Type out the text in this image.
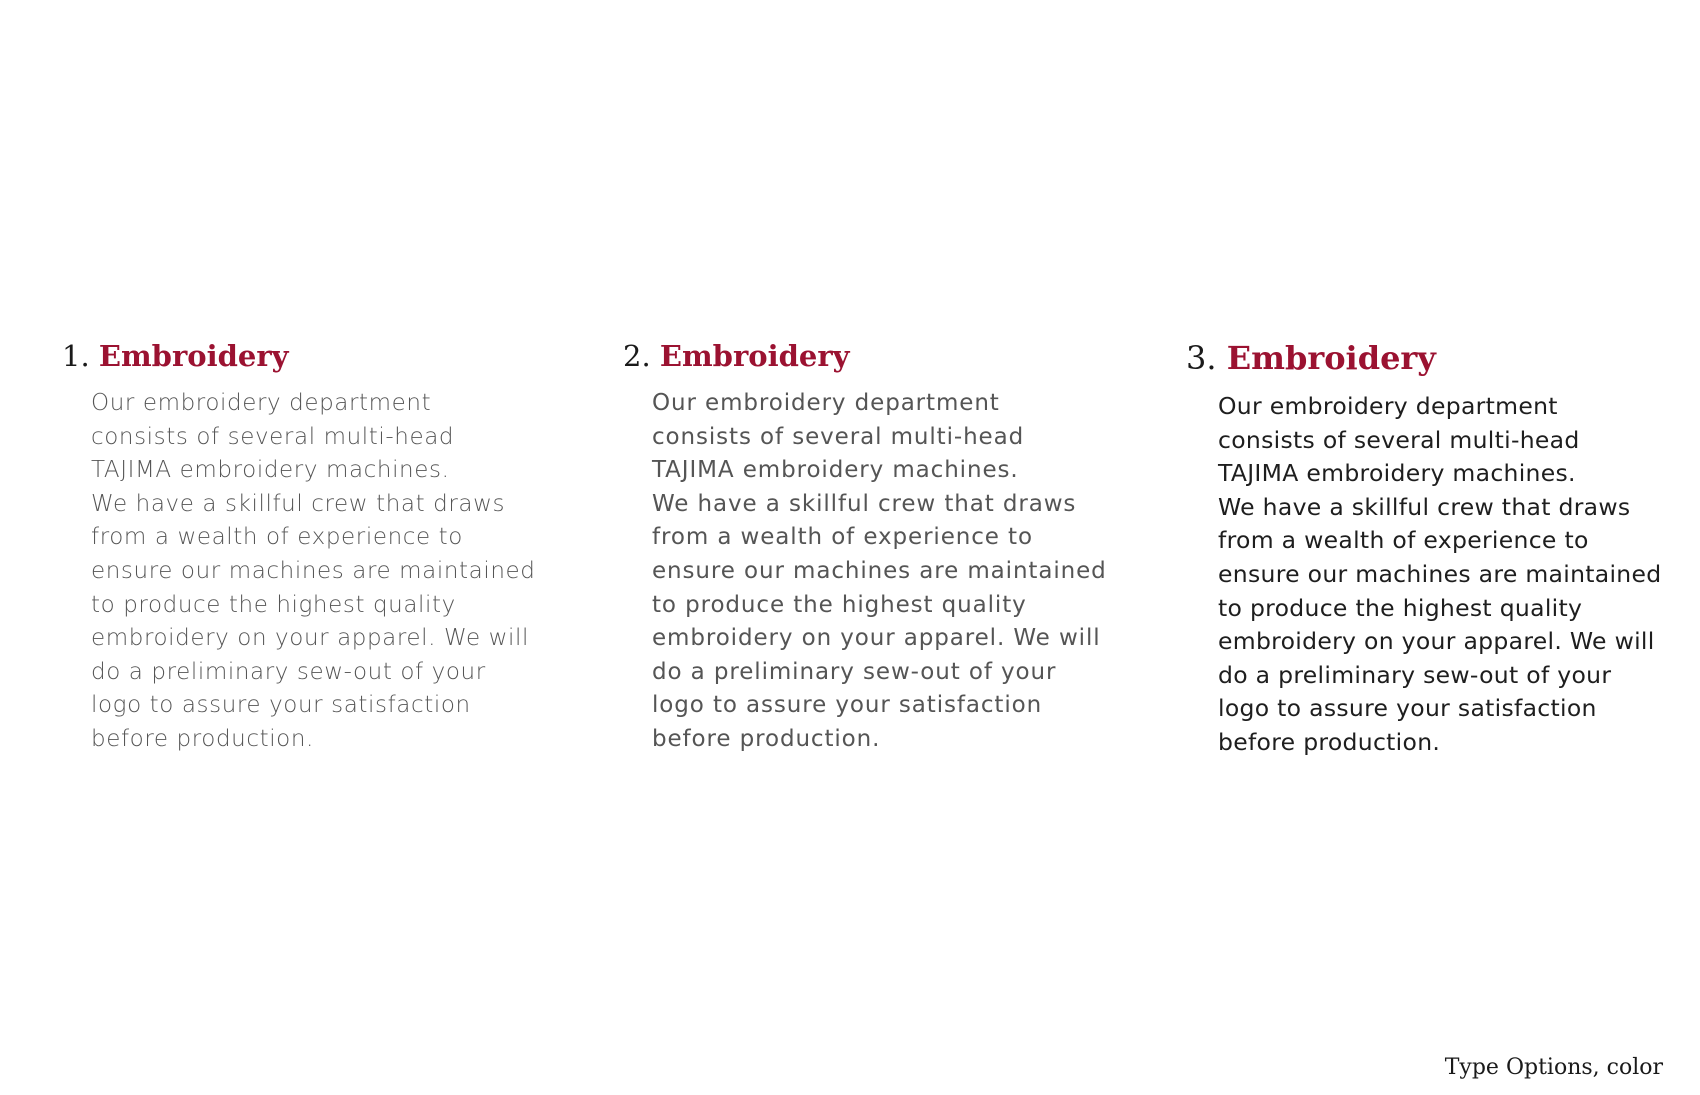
1. Embroidery
Our embroidery department
consists of several multi-head
TAJIMA embroidery machines.
We have a skillful crew that draws
from a wealth of experience to
ensure our machines are maintained
to produce the highest quality
embroidery on your apparel. We will
do a preliminary sew-out of your
logo to assure your satisfaction
before production.
2. Embroidery
Our embroidery department
consists of several multi-head
TAJIMA embroidery machines.
We have a skillful crew that draws
from a wealth of experience to
ensure our machines are maintained
to produce the highest quality
embroidery on your apparel. We will
do a preliminary sew-out of your
logo to assure your satisfaction
before production.
3. Embroidery
Our embroidery department
consists of several multi-head
TAJIMA embroidery machines.
We have a skillful crew that draws
from a wealth of experience to
ensure our machines are maintained
to produce the highest quality
embroidery on your apparel. We will
do a preliminary sew-out of your
logo to assure your satisfaction
before production.
Type Options, color
